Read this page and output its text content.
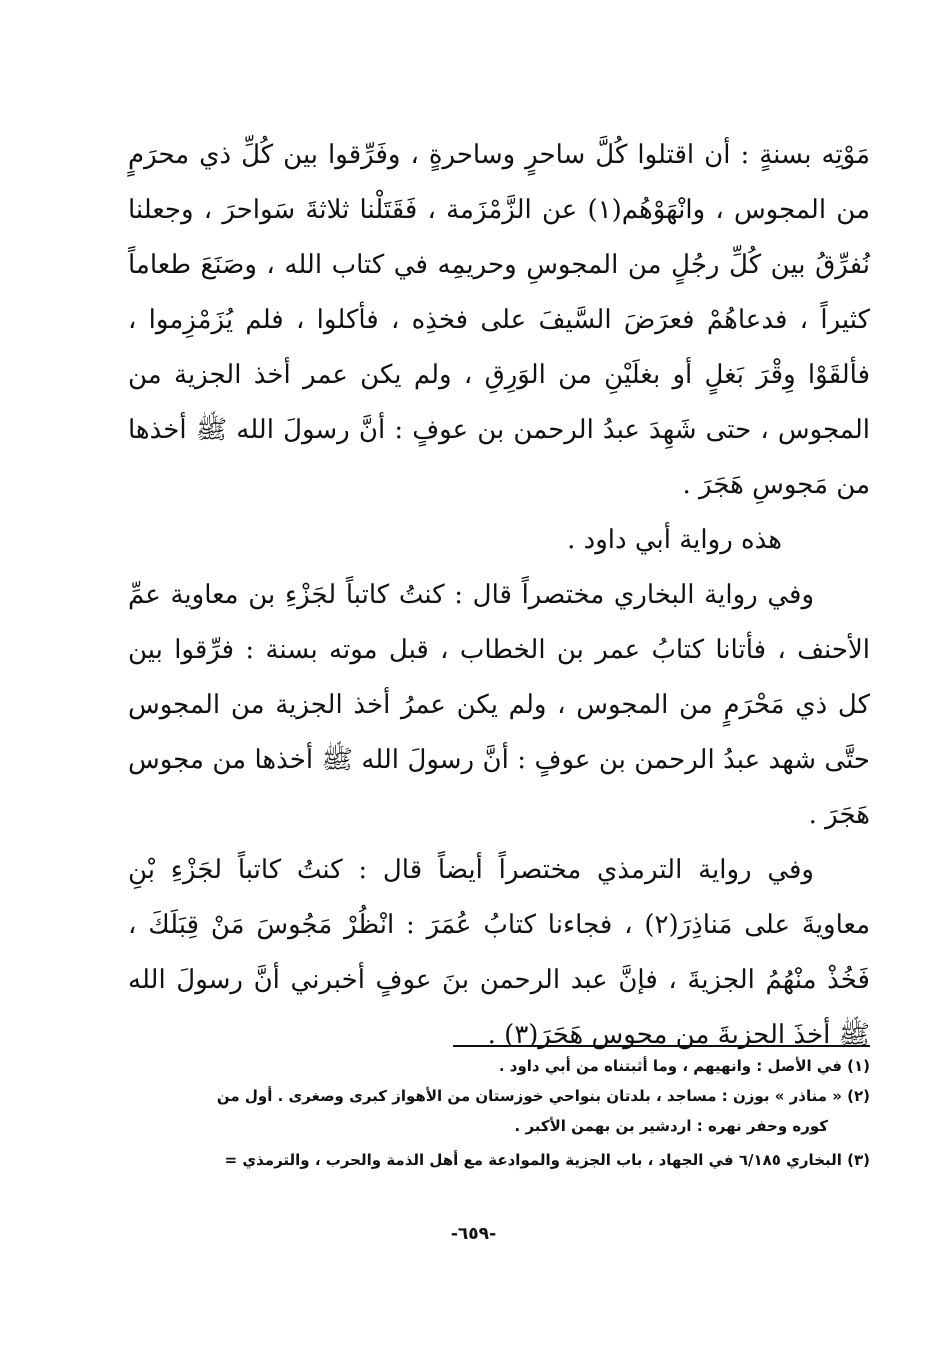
مَوْتِه بسنةٍ : أن اقتلوا كُلَّ ساحرٍ وساحرةٍ ، وفَرِّقوا بين كُلِّ ذي محرَمٍ من المجوس ، وانْهَوْهُم(١) عن الزَّمْزَمة ، فَقَتَلْنا ثلاثةَ سَواحرَ ، وجعلنا نُفرِّقُ بين كُلِّ رجُلٍ من المجوسِ وحريمِه في كتاب الله ، وصَنَعَ طعاماً كثيراً ، فدعاهُمْ فعرَضَ السَّيفَ على فخذِه ، فأكلوا ، فلم يُزَمْزِموا ، فألقَوْا وِقْرَ بَغلٍ أو بغلَيْنِ من الوَرِقِ ، ولم يكن عمر أخذ الجزية من المجوس ، حتى شَهِدَ عبدُ الرحمن بن عوفٍ : أنَّ رسولَ الله ﷺ أخذها من مَجوسِ هَجَرَ .

هذه رواية أبي داود .

وفي رواية البخاري مختصراً قال : كنتُ كاتباً لجَزْءِ بن معاوية عمِّ الأحنف ، فأتانا كتابُ عمر بن الخطاب ، قبل موته بسنة : فرِّقوا بين كل ذي مَحْرَمٍ من المجوس ، ولم يكن عمرُ أخذ الجزية من المجوس حتَّى شهد عبدُ الرحمن بن عوفٍ : أنَّ رسولَ الله ﷺ أخذها من مجوس هَجَرَ .

وفي رواية الترمذي مختصراً أيضاً قال : كنتُ كاتباً لجَزْءِ بْنِ معاويةَ على مَناذِرَ(٢) ، فجاءنا كتابُ عُمَرَ : انْظُرْ مَجُوسَ مَنْ قِبَلَكَ ، فَخُذْ منْهُمُ الجزيةَ ، فإنَّ عبد الرحمن بنَ عوفٍ أخبرني أنَّ رسولَ الله ﷺ أخذَ الجزيةَ من مجوس هَجَرَ(٣) .

(١) في الأصل : وانهيهم ، وما أثبتناه من أبي داود .

(٢) « مناذر » بوزن : مساجد ، بلدتان بنواحي خوزستان من الأهواز كبرى وصغرى . أول من

كوره وحفر نهره : اردشير بن بهمن الأكبر .

(٣) البخاري ٦/١٨٥ في الجهاد ، باب الجزية والموادعة مع أهل الذمة والحرب ، والترمذي =

-٦٥٩-
